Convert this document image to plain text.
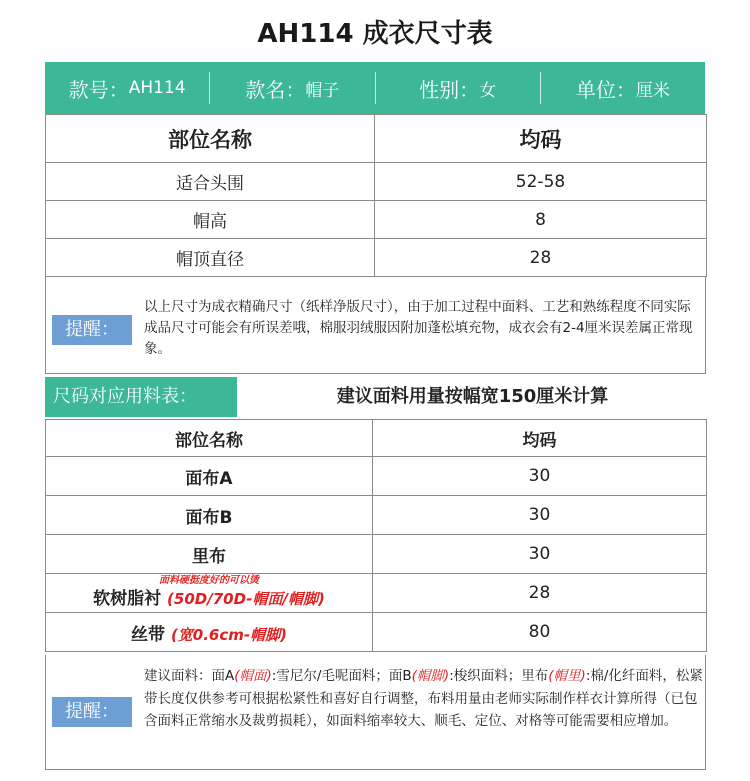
AH114 成衣尺寸表
款号： AH114	款名： 帽子	性别： 女	单位： 厘米
部位名称	均码
适合头围	52-58
帽高	8
帽顶直径	28
提醒：
以上尺寸为成衣精确尺寸（纸样净版尺寸），由于加工过程中面料、工艺和熟练程度不同实际成品尺寸可能会有所误差哦，棉服羽绒服因附加蓬松填充物，成衣会有2-4厘米误差属正常现象。
尺码对应用料表：	建议面料用量按幅宽150厘米计算
部位名称	均码
面布A	30
面布B	30
里布	30

面料硬挺度好的可以烫
软树脂衬 (50D/70D-帽面/帽脚)	28
丝带 (宽0.6cm-帽脚)	80
提醒：
建议面料：面A(帽面):雪尼尔/毛呢面料；面B(帽脚):梭织面料；里布(帽里):棉/化纤面料，松紧带长度仅供参考可根据松紧性和喜好自行调整，布料用量由老师实际制作样衣计算所得（已包含面料正常缩水及裁剪损耗），如面料缩率较大、顺毛、定位、对格等可能需要相应增加。
